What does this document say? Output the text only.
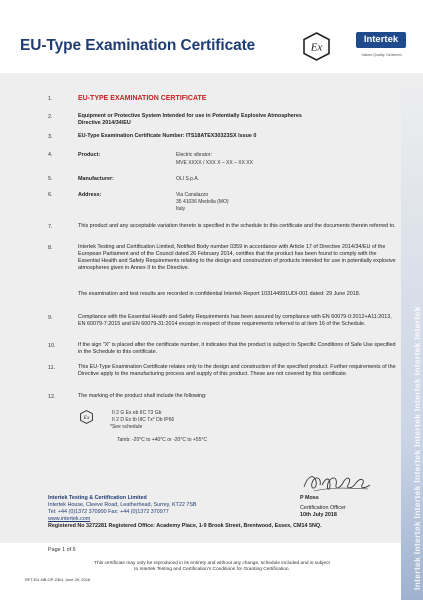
EU-Type Examination Certificate	Ex
Intertek
Valued Quality. Delivered.
Intertek Intertek Intertek Intertek Intertek Intertek Intertek Intertek
1.	EU-TYPE EXAMINATION CERTIFICATE
2.	Equipment or Protective System Intended for use in Potentially Explosive Atmospheres Directive 2014/34/EU
3.	EU-Type Examination Certificate Number: ITS18ATEX30323SX Issue 0
4.	Product:	Electric vibrator:
MVE XXXX / XXX X – XX – XX XX
5.	Manufacturer:	OLI S.p.A.
6.	Address:	Via Canalazzo
35 41036 Medolla (MO)
Italy
7.	This product and any acceptable variation thereto is specified in the schedule to this certificate and the documents therein referred to.
8.	Intertek Testing and Certification Limited, Notified Body number 0359 in accordance with Article 17 of Directive 2014/34/EU of the European Parliament and of the Council dated 26 February 2014, certifies that the product has been found to comply with the Essential Health and Safety Requirements relating to the design and construction of products intended for use in potentially explosive atmospheres given in Annex II to the Directive.
The examination and test results are recorded in confidential Intertek Report 103144991UDI-001 dated: 29 June 2018.
9.	Compliance with the Essential Health and Safety Requirements has been assured by compliance with EN 60079-0:2012+A11:2013, EN 60079-7:2015 and EN 60079-31:2014 except in respect of those requirements referred to at item 16 of the Schedule.
10.	If the sign "X" is placed after the certificate number, it indicates that the product is subject to Specific Conditions of Safe Use specified in the Schedule to this certificate.
11.	This EU-Type Examination Certificate relates only to the design and construction of the specified product. Further requirements of the Directive apply to the manufacturing process and supply of this product. These are not covered by this certificate.
12.	The marking of the product shall include the following:
Ex
II 2 G Ex eb IIC T3 Gb
II 2 D Ex tb IIIC Tx° Db IP66
*See schedule
Tamb: -20°C to +40°C or -20°C to +55°C
Intertek Testing & Certification Limited
Intertek House, Cleeve Road, Leatherhead, Surrey, KT22 7SB
Tel: +44 (0)1372 370900 Fax: +44 (0)1372 370977
www.intertek.com
Registered No 3272281 Registered Office: Academy Place, 1-9 Brook Street, Brentwood, Essex, CM14 5NQ.
P Moss
Certification Officer
10th July 2018
Page 1 of 6
This certificate may only be reproduced in its entirety and without any change, schedule included and is subject
to Intertek Testing and Certification's Conditions for Granting Certification.
RFT-EU-NB-OP-23b1 June 29, 2016
